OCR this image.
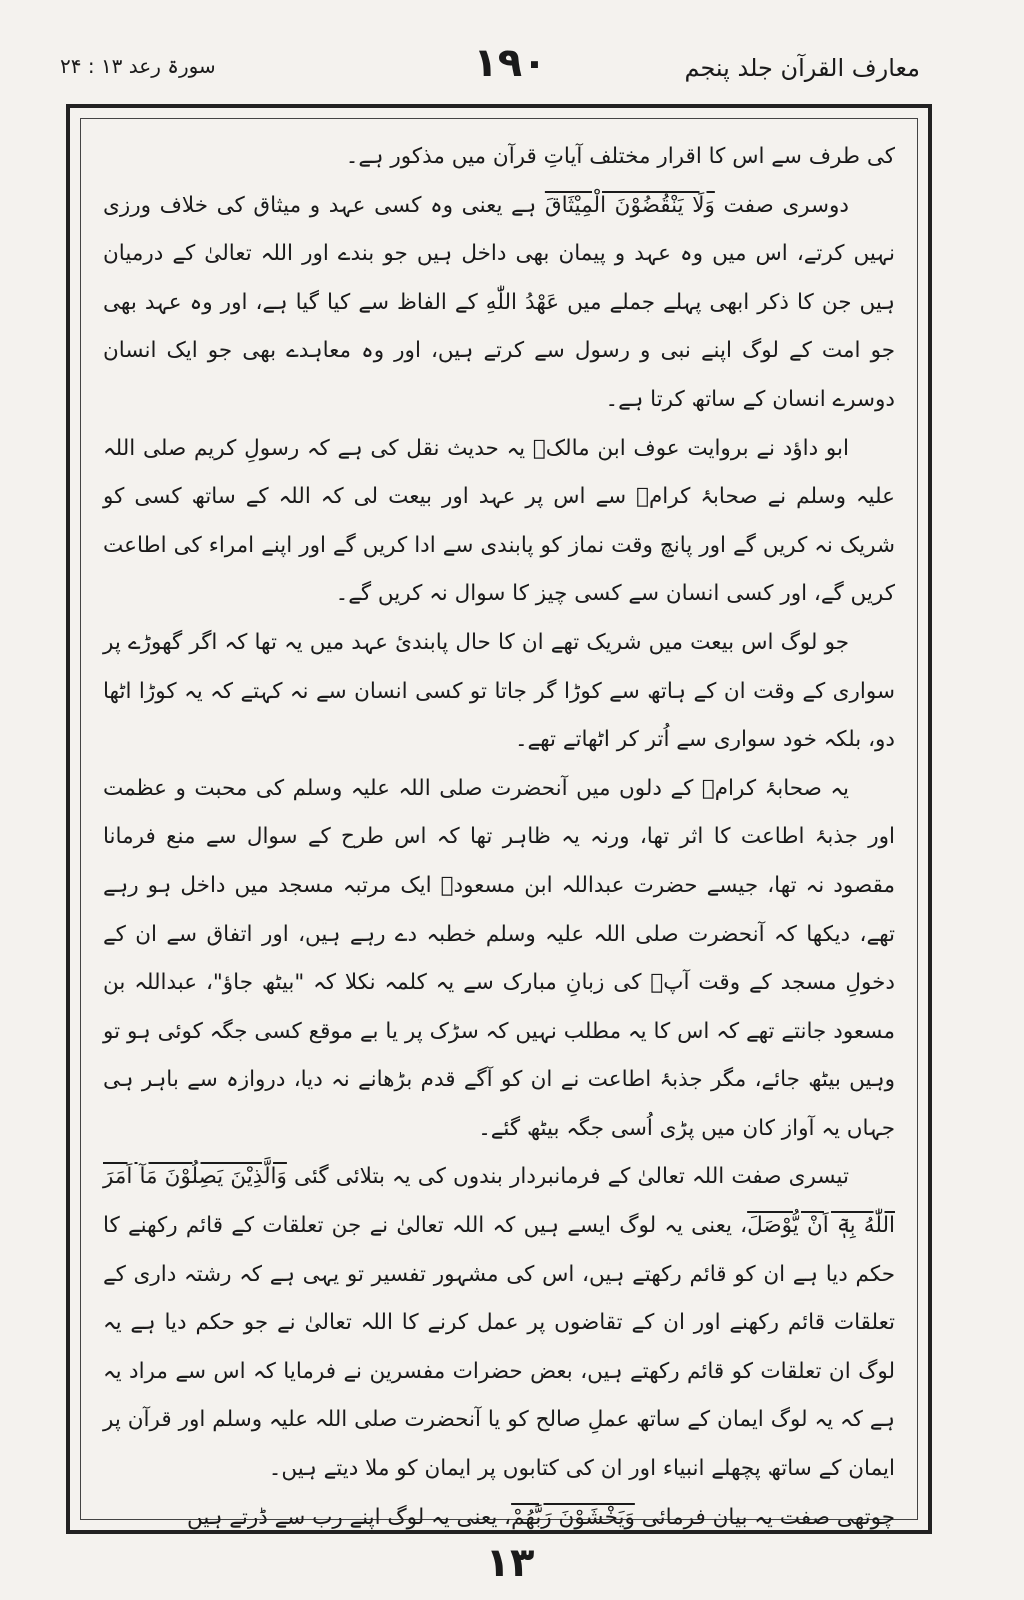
معارف القرآن جلد پنجم
۱۹۰
سورۃ رعد ۱۳ : ۲۴

کی طرف سے اس کا اقرار مختلف آیاتِ قرآن میں مذکور ہے۔

دوسری صفت وَلَا يَنْقُضُوْنَ الْمِيْثَاقَ ہے یعنی وہ کسی عہد و میثاق کی خلاف ورزی نہیں کرتے، اس میں وہ عہد و پیمان بھی داخل ہیں جو بندے اور اللہ تعالیٰ کے درمیان ہیں جن کا ذکر ابھی پہلے جملے میں عَهْدُ اللّٰهِ کے الفاظ سے کیا گیا ہے، اور وہ عہد بھی جو امت کے لوگ اپنے نبی و رسول سے کرتے ہیں، اور وہ معاہدے بھی جو ایک انسان دوسرے انسان کے ساتھ کرتا ہے۔

ابو داؤد نے بروایت عوف ابن مالکؓ یہ حدیث نقل کی ہے کہ رسولِ کریم صلی اللہ علیہ وسلم نے صحابۂ کرامؓ سے اس پر عہد اور بیعت لی کہ اللہ کے ساتھ کسی کو شریک نہ کریں گے اور پانچ وقت نماز کو پابندی سے ادا کریں گے اور اپنے امراء کی اطاعت کریں گے، اور کسی انسان سے کسی چیز کا سوال نہ کریں گے۔

جو لوگ اس بیعت میں شریک تھے ان کا حال پابندیٔ عہد میں یہ تھا کہ اگر گھوڑے پر سواری کے وقت ان کے ہاتھ سے کوڑا گر جاتا تو کسی انسان سے نہ کہتے کہ یہ کوڑا اٹھا دو، بلکہ خود سواری سے اُتر کر اٹھاتے تھے۔

یہ صحابۂ کرامؓ کے دلوں میں آنحضرت صلی اللہ علیہ وسلم کی محبت و عظمت اور جذبۂ اطاعت کا اثر تھا، ورنہ یہ ظاہر تھا کہ اس طرح کے سوال سے منع فرمانا مقصود نہ تھا، جیسے حضرت عبداللہ ابن مسعودؓ ایک مرتبہ مسجد میں داخل ہو رہے تھے، دیکھا کہ آنحضرت صلی اللہ علیہ وسلم خطبہ دے رہے ہیں، اور اتفاق سے ان کے دخولِ مسجد کے وقت آپؐ کی زبانِ مبارک سے یہ کلمہ نکلا کہ "بیٹھ جاؤ"، عبداللہ بن مسعود جانتے تھے کہ اس کا یہ مطلب نہیں کہ سڑک پر یا بے موقع کسی جگہ کوئی ہو تو وہیں بیٹھ جائے، مگر جذبۂ اطاعت نے ان کو آگے قدم بڑھانے نہ دیا، دروازہ سے باہر ہی جہاں یہ آواز کان میں پڑی اُسی جگہ بیٹھ گئے۔

تیسری صفت اللہ تعالیٰ کے فرمانبردار بندوں کی یہ بتلائی گئی وَالَّذِيْنَ يَصِلُوْنَ مَآ اَمَرَ اللّٰهُ بِهٖٓ اَنْ يُّوْصَلَ، یعنی یہ لوگ ایسے ہیں کہ اللہ تعالیٰ نے جن تعلقات کے قائم رکھنے کا حکم دیا ہے ان کو قائم رکھتے ہیں، اس کی مشہور تفسیر تو یہی ہے کہ رشتہ داری کے تعلقات قائم رکھنے اور ان کے تقاضوں پر عمل کرنے کا اللہ تعالیٰ نے جو حکم دیا ہے یہ لوگ ان تعلقات کو قائم رکھتے ہیں، بعض حضرات مفسرین نے فرمایا کہ اس سے مراد یہ ہے کہ یہ لوگ ایمان کے ساتھ عملِ صالح کو یا آنحضرت صلی اللہ علیہ وسلم اور قرآن پر ایمان کے ساتھ پچھلے انبیاء اور ان کی کتابوں پر ایمان کو ملا دیتے ہیں۔

چوتھی صفت یہ بیان فرمائی وَيَخْشَوْنَ رَبَّهُمْ، یعنی یہ لوگ اپنے رب سے ڈرتے ہیں

۱۳
